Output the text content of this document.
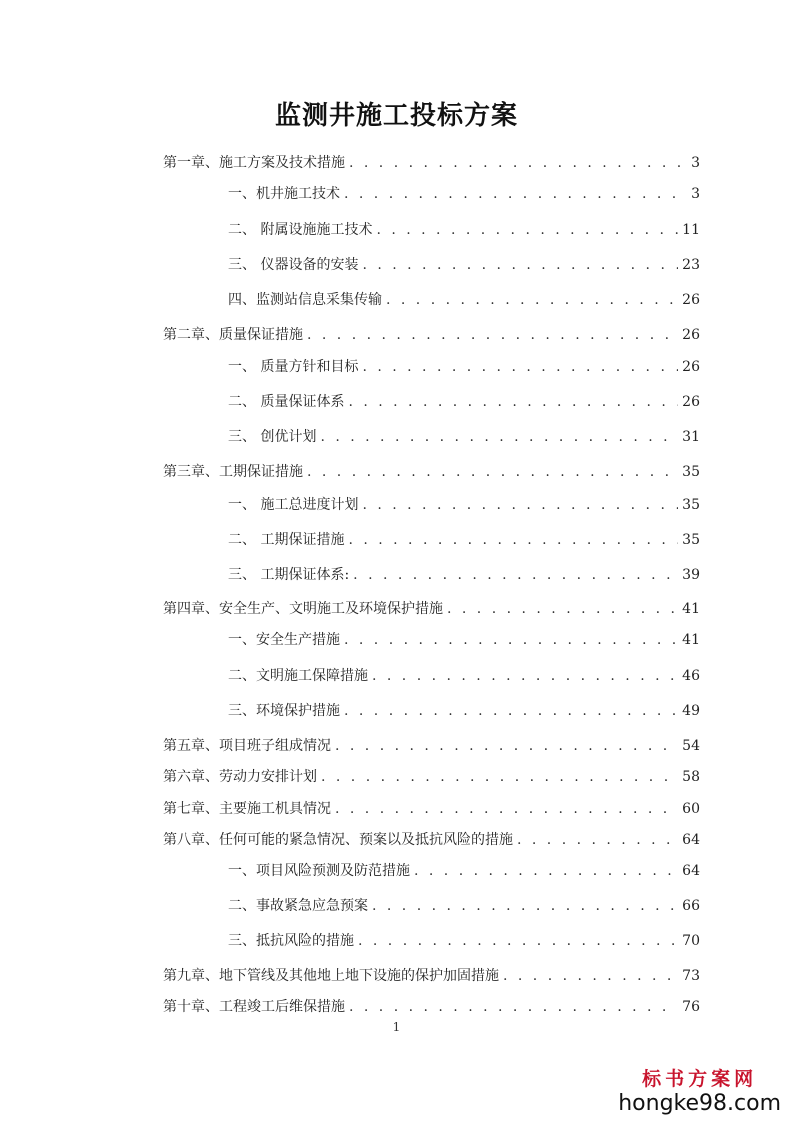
监测井施工投标方案
第一章、施工方案及技术措施 . . .	3
一、机井施工技术 . . .	3
二、 附属设施施工技术 . . .	11
三、 仪器设备的安装 . . .	23
四、监测站信息采集传输 . . .	26
第二章、质量保证措施 . . .	26
一、 质量方针和目标 . . .	26
二、 质量保证体系 . . .	26
三、 创优计划 . . .	31
第三章、工期保证措施 . . .	35
一、 施工总进度计划 . . .	35
二、 工期保证措施 . . .	35
三、 工期保证体系: . . .	39
第四章、安全生产、文明施工及环境保护措施 . . .	41
一、安全生产措施 . . .	41
二、文明施工保障措施 . . .	46
三、环境保护措施 . . .	49
第五章、项目班子组成情况 . . .	54
第六章、劳动力安排计划 . . .	58
第七章、主要施工机具情况 . . .	60
第八章、任何可能的紧急情况、预案以及抵抗风险的措施 . . .	64
一、项目风险预测及防范措施 . . .	64
二、事故紧急应急预案 . . .	66
三、抵抗风险的措施 . . .	70
第九章、地下管线及其他地上地下设施的保护加固措施 . . .	73
第十章、工程竣工后维保措施 . . .	76
1
标书方案网
hongke98.com
